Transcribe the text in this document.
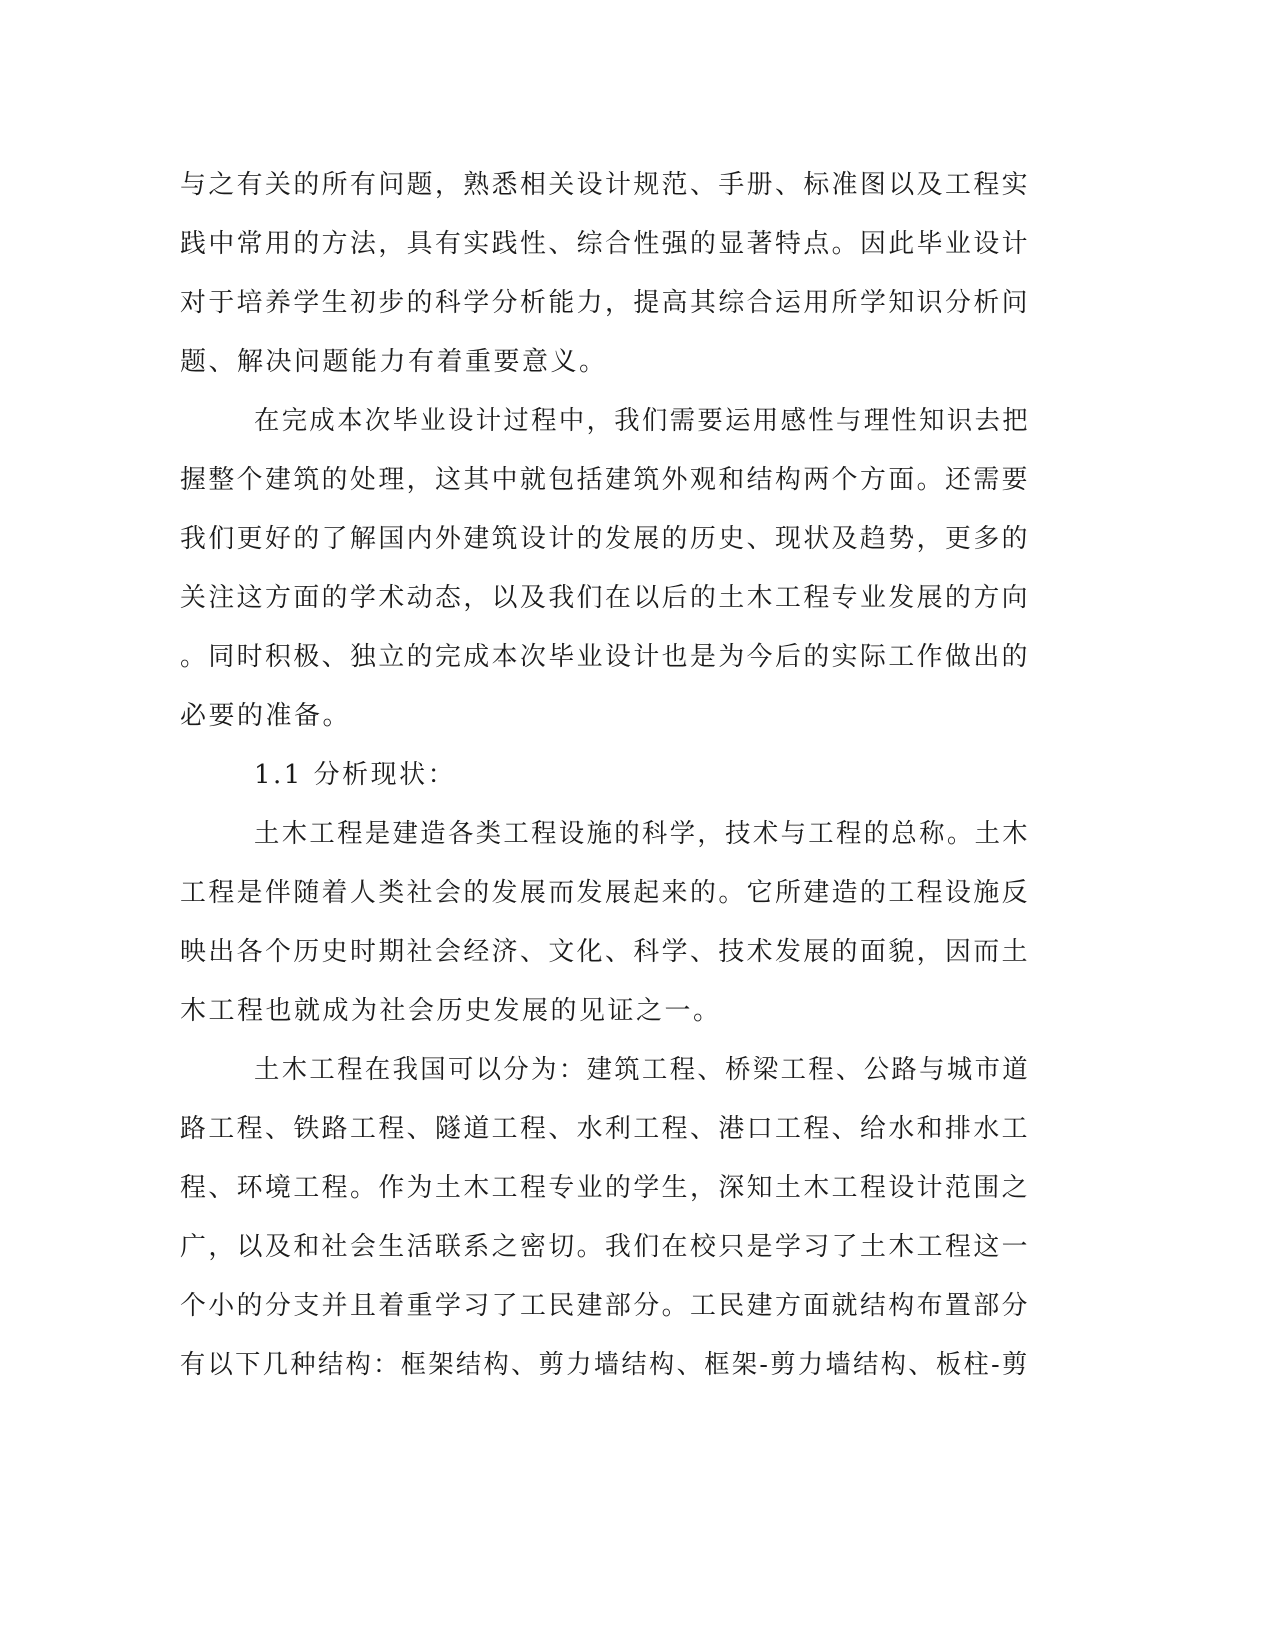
与之有关的所有问题，熟悉相关设计规范、手册、标准图以及工程实
践中常用的方法，具有实践性、综合性强的显著特点。因此毕业设计
对于培养学生初步的科学分析能力，提高其综合运用所学知识分析问
题、解决问题能力有着重要意义。
在完成本次毕业设计过程中，我们需要运用感性与理性知识去把
握整个建筑的处理，这其中就包括建筑外观和结构两个方面。还需要
我们更好的了解国内外建筑设计的发展的历史、现状及趋势，更多的
关注这方面的学术动态，以及我们在以后的土木工程专业发展的方向
。同时积极、独立的完成本次毕业设计也是为今后的实际工作做出的
必要的准备。
1.1 分析现状：
土木工程是建造各类工程设施的科学，技术与工程的总称。土木
工程是伴随着人类社会的发展而发展起来的。它所建造的工程设施反
映出各个历史时期社会经济、文化、科学、技术发展的面貌，因而土
木工程也就成为社会历史发展的见证之一。
土木工程在我国可以分为：建筑工程、桥梁工程、公路与城市道
路工程、铁路工程、隧道工程、水利工程、港口工程、给水和排水工
程、环境工程。作为土木工程专业的学生，深知土木工程设计范围之
广，以及和社会生活联系之密切。我们在校只是学习了土木工程这一
个小的分支并且着重学习了工民建部分。工民建方面就结构布置部分
有以下几种结构：框架结构、剪力墙结构、框架-剪力墙结构、板柱-剪
